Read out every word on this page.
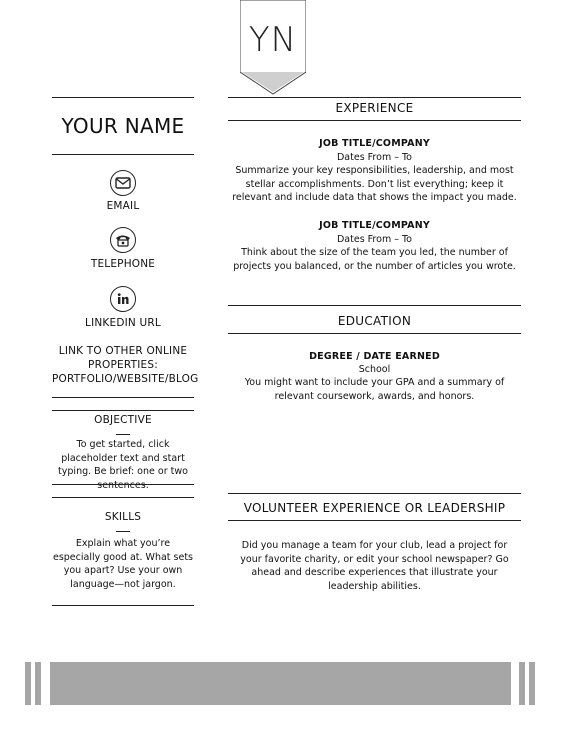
YN
YOUR NAME
EMAIL
TELEPHONE
LINKEDIN URL
LINK TO OTHER ONLINE PROPERTIES: PORTFOLIO/WEBSITE/BLOG
OBJECTIVE
To get started, click placeholder text and start typing. Be brief: one or two sentences.
SKILLS
Explain what you’re especially good at. What sets you apart? Use your own language—not jargon.
EXPERIENCE
JOB TITLE/COMPANY
Dates From – To
Summarize your key responsibilities, leadership, and most stellar accomplishments. Don’t list everything; keep it relevant and include data that shows the impact you made.
JOB TITLE/COMPANY
Dates From – To
Think about the size of the team you led, the number of projects you balanced, or the number of articles you wrote.
EDUCATION
DEGREE / DATE EARNED
School
You might want to include your GPA and a summary of relevant coursework, awards, and honors.
VOLUNTEER EXPERIENCE OR LEADERSHIP
Did you manage a team for your club, lead a project for your favorite charity, or edit your school newspaper? Go ahead and describe experiences that illustrate your leadership abilities.
